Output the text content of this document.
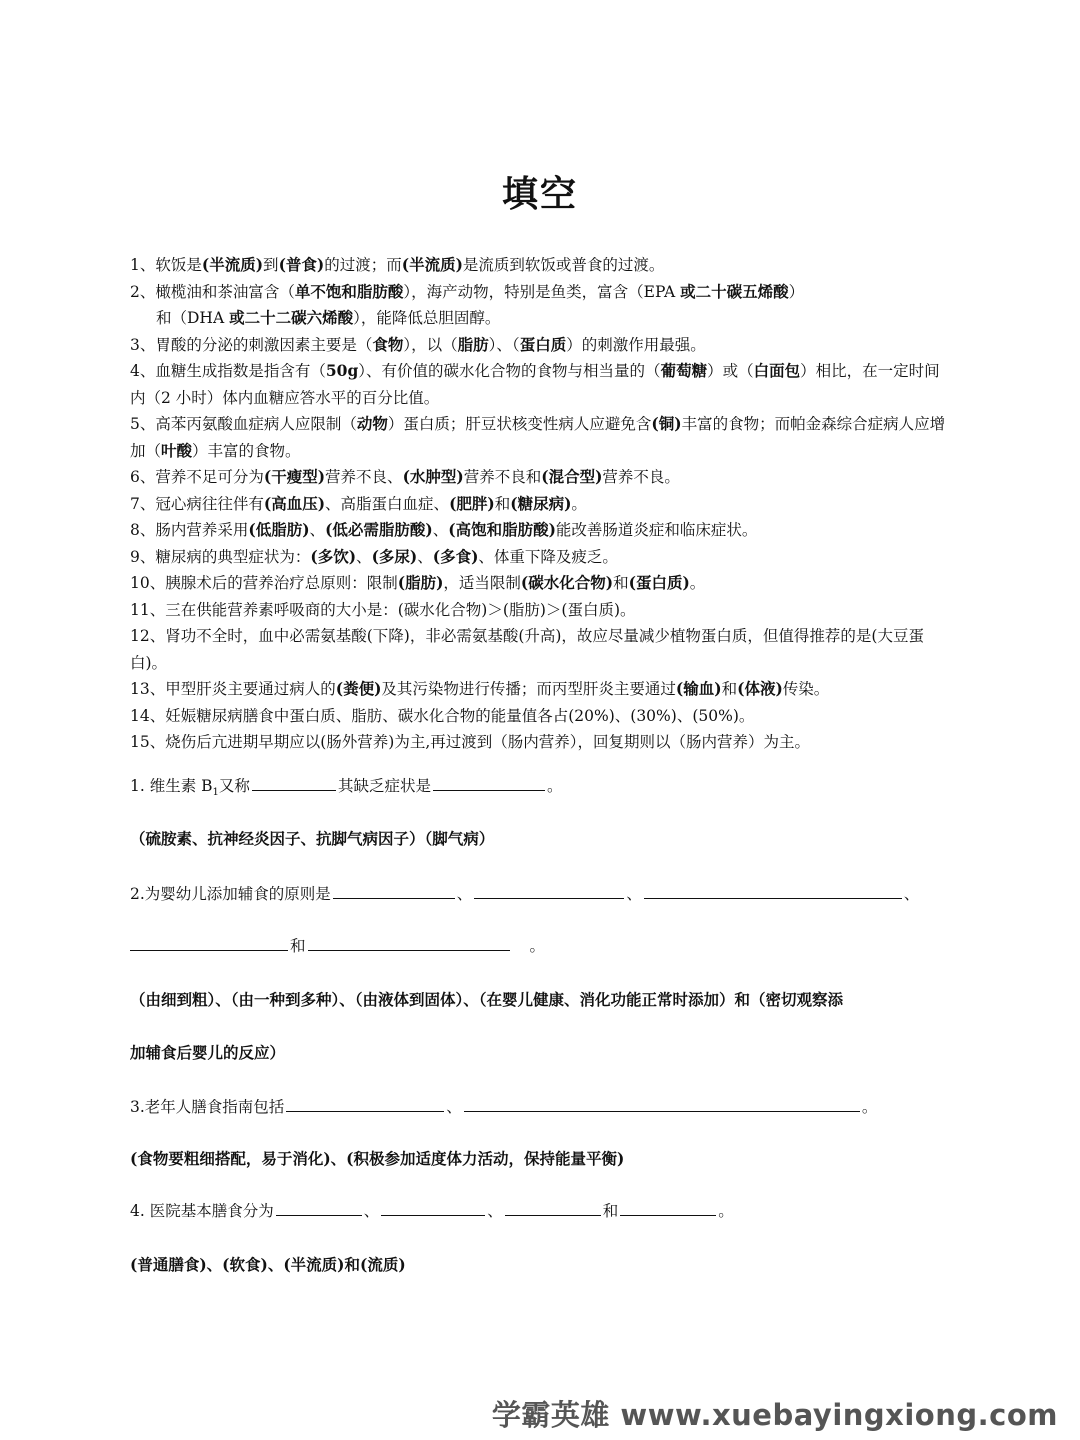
填空
1、软饭是(半流质)到(普食)的过渡；而(半流质)是流质到软饭或普食的过渡。
2、橄榄油和茶油富含（单不饱和脂肪酸），海产动物，特别是鱼类，富含（EPA 或二十碳五烯酸）
和（DHA 或二十二碳六烯酸），能降低总胆固醇。
3、胃酸的分泌的刺激因素主要是（食物），以（脂肪）、（蛋白质）的刺激作用最强。
4、血糖生成指数是指含有（50g）、有价值的碳水化合物的食物与相当量的（葡萄糖）或（白面包）相比，在一定时间内（2 小时）体内血糖应答水平的百分比值。
5、高苯丙氨酸血症病人应限制（动物）蛋白质；肝豆状核变性病人应避免含(铜)丰富的食物；而帕金森综合症病人应增加（叶酸）丰富的食物。
6、营养不足可分为(干瘦型)营养不良、(水肿型)营养不良和(混合型)营养不良。
7、冠心病往往伴有(高血压)、高脂蛋白血症、(肥胖)和(糖尿病)。
8、肠内营养采用(低脂肪)、(低必需脂肪酸)、(高饱和脂肪酸)能改善肠道炎症和临床症状。
9、糖尿病的典型症状为：(多饮)、(多尿)、(多食)、体重下降及疲乏。
10、胰腺术后的营养治疗总原则：限制(脂肪)，适当限制(碳水化合物)和(蛋白质)。
11、三在供能营养素呼吸商的大小是：(碳水化合物)＞(脂肪)＞(蛋白质)。
12、肾功不全时，血中必需氨基酸(下降)，非必需氨基酸(升高)，故应尽量减少植物蛋白质，但值得推荐的是(大豆蛋白)。
13、甲型肝炎主要通过病人的(粪便)及其污染物进行传播；而丙型肝炎主要通过(输血)和(体液)传染。
14、妊娠糖尿病膳食中蛋白质、脂肪、碳水化合物的能量值各占(20%)、(30%)、(50%)。
15、烧伤后亢进期早期应以(肠外营养)为主,再过渡到（肠内营养），回复期则以（肠内营养）为主。
1. 维生素 $B_1$又称	其缺乏症状是	。
（硫胺素、抗神经炎因子、抗脚气病因子）（脚气病）
2.为婴幼儿添加辅食的原则是	、	、	、
和	。
（由细到粗）、（由一种到多种）、（由液体到固体）、（在婴儿健康、消化功能正常时添加）和（密切观察添
加辅食后婴儿的反应）
3.老年人膳食指南包括	、	。
(食物要粗细搭配，易于消化)、(积极参加适度体力活动，保持能量平衡)
4. 医院基本膳食分为	、	、	和	。
(普通膳食)、(软食)、(半流质)和(流质)
学霸英雄 www.xuebayingxiong.com
